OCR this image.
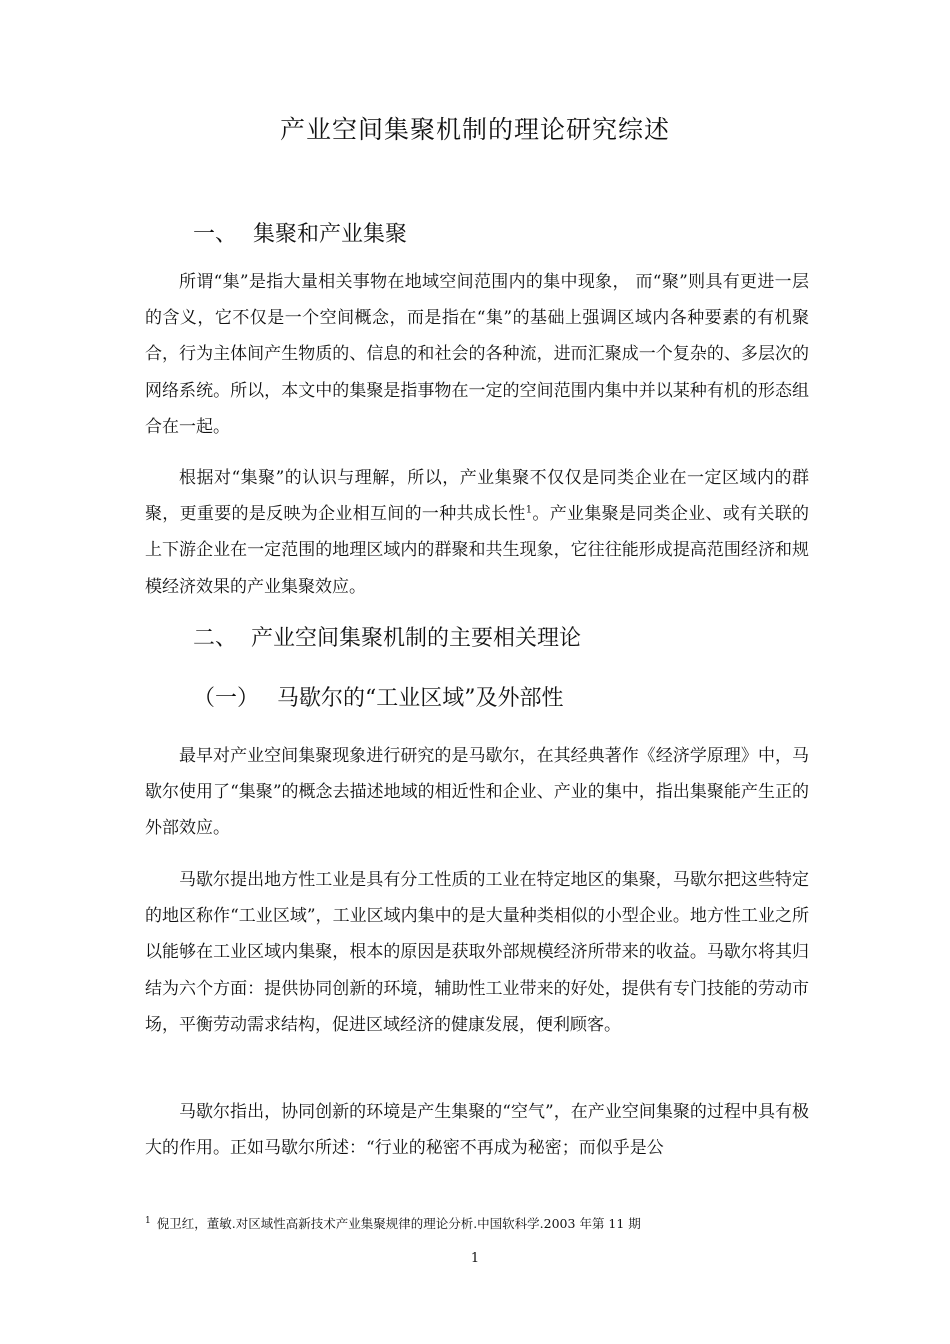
产业空间集聚机制的理论研究综述
一、 集聚和产业集聚
所谓“集”是指大量相关事物在地域空间范围内的集中现象， 而“聚”则具有更进一层的含义，它不仅是一个空间概念，而是指在“集”的基础上强调区域内各种要素的有机聚合，行为主体间产生物质的、信息的和社会的各种流，进而汇聚成一个复杂的、多层次的网络系统。所以，本文中的集聚是指事物在一定的空间范围内集中并以某种有机的形态组合在一起。
根据对“集聚”的认识与理解，所以，产业集聚不仅仅是同类企业在一定区域内的群聚，更重要的是反映为企业相互间的一种共成长性$^1$。产业集聚是同类企业、或有关联的上下游企业在一定范围的地理区域内的群聚和共生现象，它往往能形成提高范围经济和规模经济效果的产业集聚效应。
二、 产业空间集聚机制的主要相关理论
（一） 马歇尔的“工业区域”及外部性
最早对产业空间集聚现象进行研究的是马歇尔，在其经典著作《经济学原理》中，马歇尔使用了“集聚”的概念去描述地域的相近性和企业、产业的集中，指出集聚能产生正的外部效应。
马歇尔提出地方性工业是具有分工性质的工业在特定地区的集聚，马歇尔把这些特定的地区称作“工业区域”，工业区域内集中的是大量种类相似的小型企业。地方性工业之所以能够在工业区域内集聚，根本的原因是获取外部规模经济所带来的收益。马歇尔将其归结为六个方面：提供协同创新的环境，辅助性工业带来的好处，提供有专门技能的劳动市场，平衡劳动需求结构，促进区域经济的健康发展，便利顾客。
马歇尔指出，协同创新的环境是产生集聚的“空气”，在产业空间集聚的过程中具有极大的作用。正如马歇尔所述：“行业的秘密不再成为秘密；而似乎是公
$^1$ 倪卫红，董敏.对区域性高新技术产业集聚规律的理论分析.中国软科学.2003 年第 11 期
1
